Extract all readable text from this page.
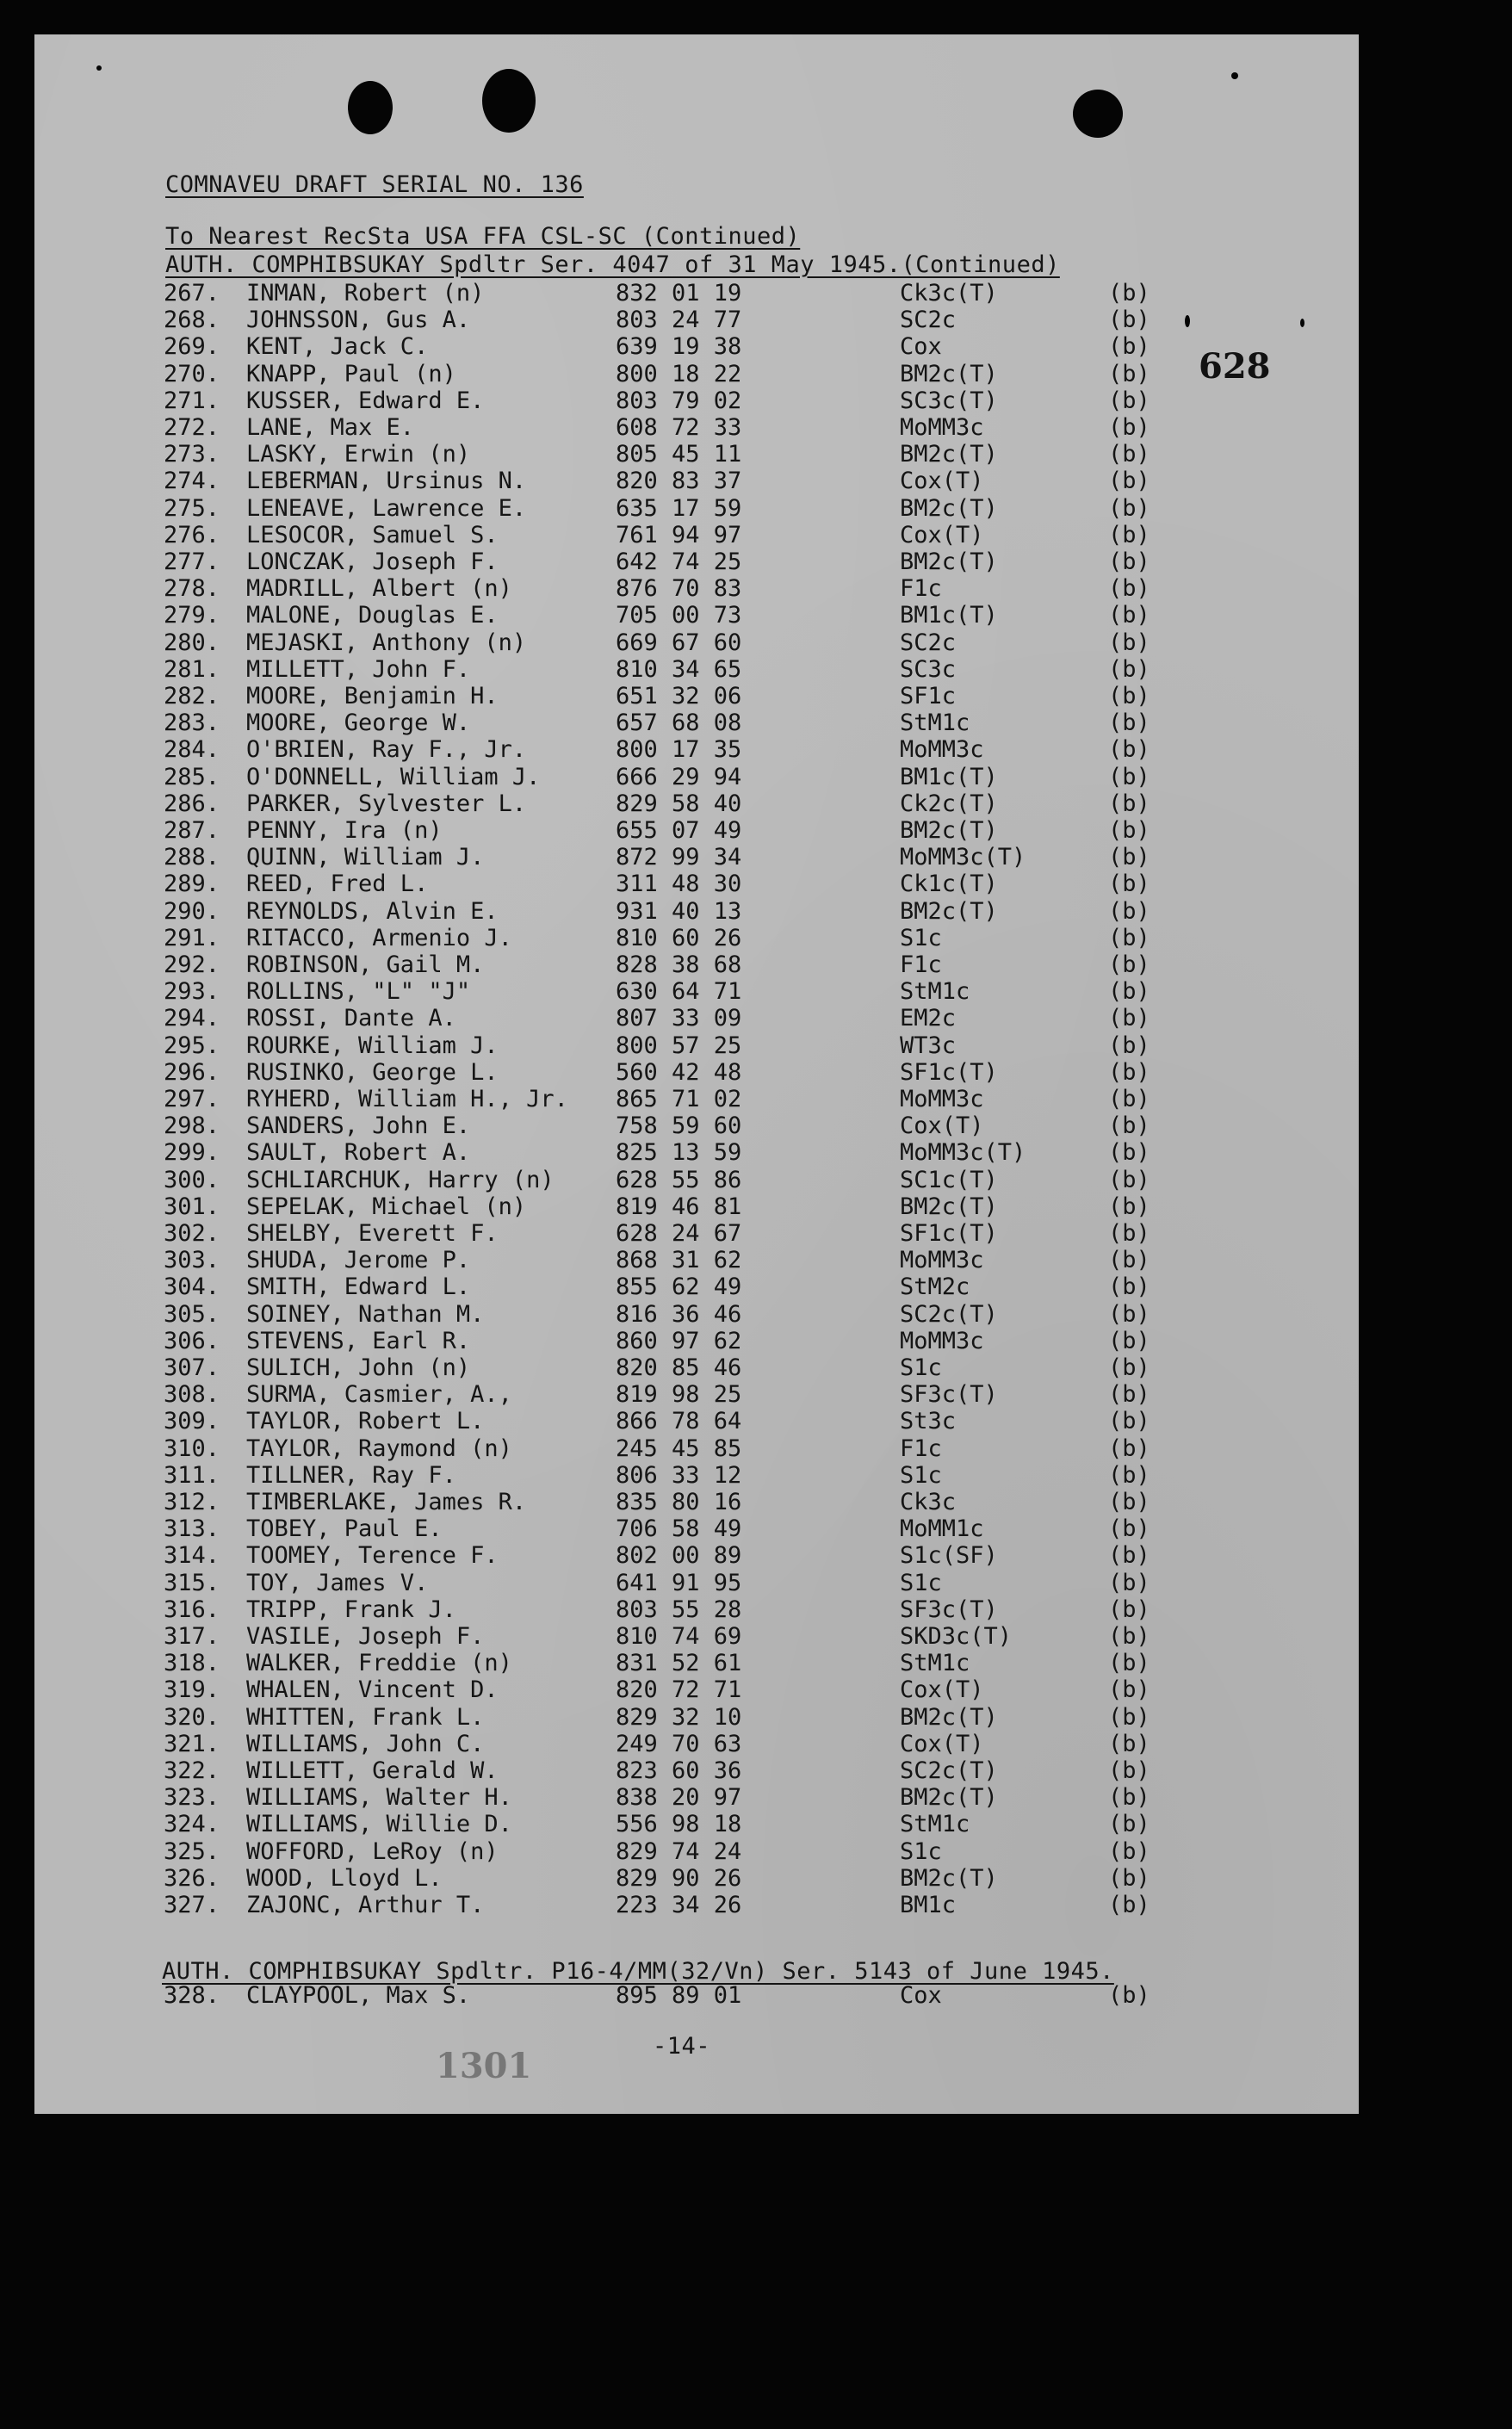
COMNAVEU DRAFT SERIAL NO. 136
To Nearest RecSta USA FFA CSL-SC (Continued)
AUTH. COMPHIBSUKAY Spdltr Ser. 4047 of 31 May 1945.(Continued)
628
267. INMAN, Robert (n)	832 01 19	Ck3c(T)	(b)
268. JOHNSSON, Gus A.	803 24 77	SC2c	(b)
269. KENT, Jack C.	639 19 38	Cox	(b)
270. KNAPP, Paul (n)	800 18 22	BM2c(T)	(b)
271. KUSSER, Edward E.	803 79 02	SC3c(T)	(b)
272. LANE, Max E.	608 72 33	MoMM3c	(b)
273. LASKY, Erwin (n)	805 45 11	BM2c(T)	(b)
274. LEBERMAN, Ursinus N.	820 83 37	Cox(T)	(b)
275. LENEAVE, Lawrence E.	635 17 59	BM2c(T)	(b)
276. LESOCOR, Samuel S.	761 94 97	Cox(T)	(b)
277. LONCZAK, Joseph F.	642 74 25	BM2c(T)	(b)
278. MADRILL, Albert (n)	876 70 83	F1c	(b)
279. MALONE, Douglas E.	705 00 73	BM1c(T)	(b)
280. MEJASKI, Anthony (n)	669 67 60	SC2c	(b)
281. MILLETT, John F.	810 34 65	SC3c	(b)
282. MOORE, Benjamin H.	651 32 06	SF1c	(b)
283. MOORE, George W.	657 68 08	StM1c	(b)
284. O'BRIEN, Ray F., Jr.	800 17 35	MoMM3c	(b)
285. O'DONNELL, William J.	666 29 94	BM1c(T)	(b)
286. PARKER, Sylvester L.	829 58 40	Ck2c(T)	(b)
287. PENNY, Ira (n)	655 07 49	BM2c(T)	(b)
288. QUINN, William J.	872 99 34	MoMM3c(T)	(b)
289. REED, Fred L.	311 48 30	Ck1c(T)	(b)
290. REYNOLDS, Alvin E.	931 40 13	BM2c(T)	(b)
291. RITACCO, Armenio J.	810 60 26	S1c	(b)
292. ROBINSON, Gail M.	828 38 68	F1c	(b)
293. ROLLINS, "L" "J"	630 64 71	StM1c	(b)
294. ROSSI, Dante A.	807 33 09	EM2c	(b)
295. ROURKE, William J.	800 57 25	WT3c	(b)
296. RUSINKO, George L.	560 42 48	SF1c(T)	(b)
297. RYHERD, William H., Jr. 865 71 02	MoMM3c	(b)
298. SANDERS, John E.	758 59 60	Cox(T)	(b)
299. SAULT, Robert A.	825 13 59	MoMM3c(T)	(b)
300. SCHLIARCHUK, Harry (n)	628 55 86	SC1c(T)	(b)
301. SEPELAK, Michael (n)	819 46 81	BM2c(T)	(b)
302. SHELBY, Everett F.	628 24 67	SF1c(T)	(b)
303. SHUDA, Jerome P.	868 31 62	MoMM3c	(b)
304. SMITH, Edward L.	855 62 49	StM2c	(b)
305. SOINEY, Nathan M.	816 36 46	SC2c(T)	(b)
306. STEVENS, Earl R.	860 97 62	MoMM3c	(b)
307. SULICH, John (n)	820 85 46	S1c	(b)
308. SURMA, Casmier, A.,	819 98 25	SF3c(T)	(b)
309. TAYLOR, Robert L.	866 78 64	St3c	(b)
310. TAYLOR, Raymond (n)	245 45 85	F1c	(b)
311. TILLNER, Ray F.	806 33 12	S1c	(b)
312. TIMBERLAKE, James R.	835 80 16	Ck3c	(b)
313. TOBEY, Paul E.	706 58 49	MoMM1c	(b)
314. TOOMEY, Terence F.	802 00 89	S1c(SF)	(b)
315. TOY, James V.	641 91 95	S1c	(b)
316. TRIPP, Frank J.	803 55 28	SF3c(T)	(b)
317. VASILE, Joseph F.	810 74 69	SKD3c(T)	(b)
318. WALKER, Freddie (n)	831 52 61	StM1c	(b)
319. WHALEN, Vincent D.	820 72 71	Cox(T)	(b)
320. WHITTEN, Frank L.	829 32 10	BM2c(T)	(b)
321. WILLIAMS, John C.	249 70 63	Cox(T)	(b)
322. WILLETT, Gerald W.	823 60 36	SC2c(T)	(b)
323. WILLIAMS, Walter H.	838 20 97	BM2c(T)	(b)
324. WILLIAMS, Willie D.	556 98 18	StM1c	(b)
325. WOFFORD, LeRoy (n)	829 74 24	S1c	(b)
326. WOOD, Lloyd L.	829 90 26	BM2c(T)	(b)
327. ZAJONC, Arthur T.	223 34 26	BM1c	(b)
AUTH. COMPHIBSUKAY Spdltr. P16-4/MM(32/Vn) Ser. 5143 of June 1945.
328. CLAYPOOL, Max S.	895 89 01	Cox	(b)
-14-
1301
